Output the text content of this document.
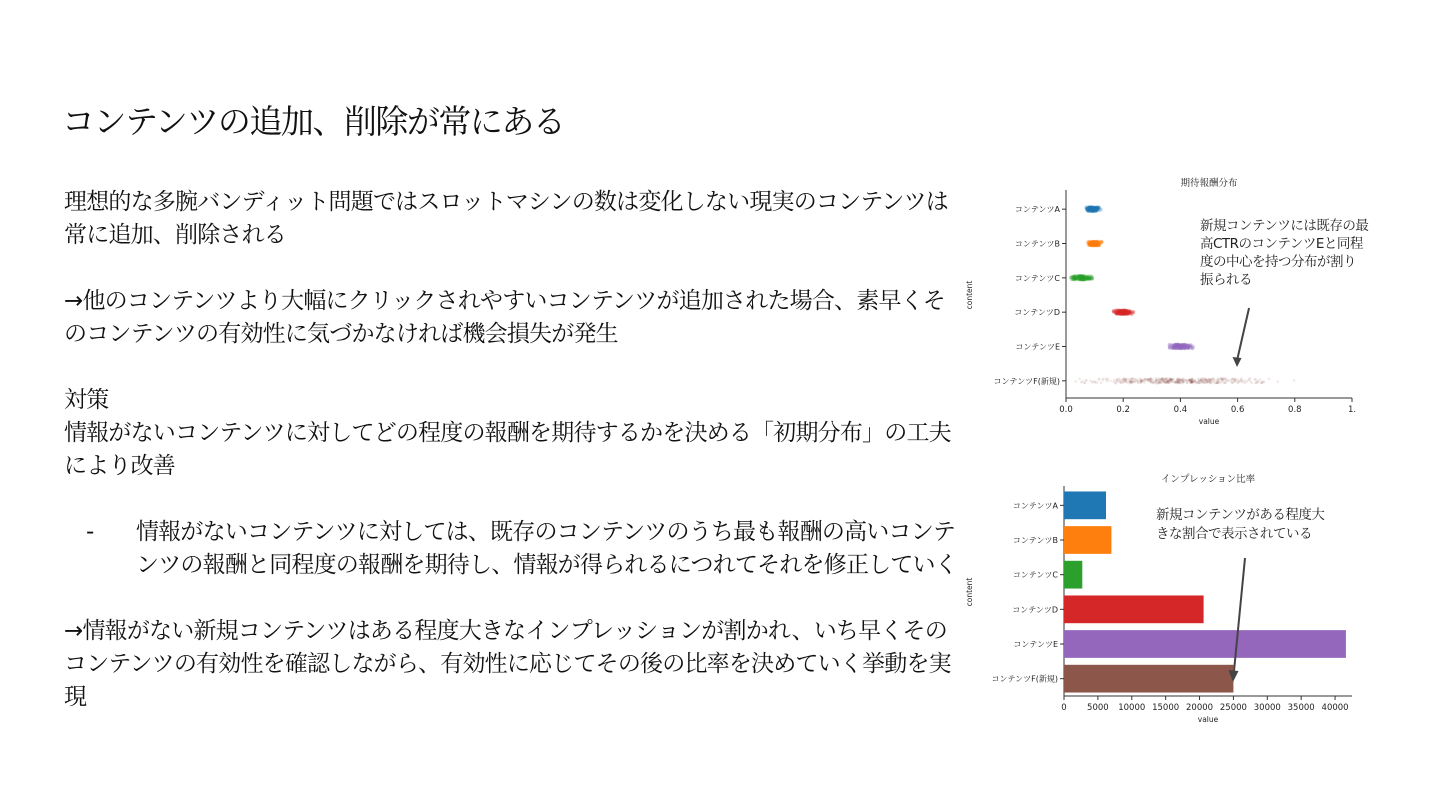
コンテンツの追加、削除が常にある

理想的な多腕バンディット問題ではスロットマシンの数は変化しない現実のコンテンツは常に追加、削除される

→他のコンテンツより大幅にクリックされやすいコンテンツが追加された場合、素早くそのコンテンツの有効性に気づかなければ機会損失が発生

対策

情報がないコンテンツに対してどの程度の報酬を期待するかを決める「初期分布」の工夫により改善

- 情報がないコンテンツに対しては、既存のコンテンツのうち最も報酬の高いコンテンツの報酬と同程度の報酬を期待し、情報が得られるにつれてそれを修正していく

→情報がない新規コンテンツはある程度大きなインプレッションが割かれ、いち早くそのコンテンツの有効性を確認しながら、有効性に応じてその後の比率を決めていく挙動を実現

期待報酬分布
コンテンツA
コンテンツB
コンテンツC
コンテンツD
コンテンツE
コンテンツF(新規)
0.0	0.2	0.4	0.6	0.8	1.
value
content
新規コンテンツには既存の最
高CTRのコンテンツEと同程
度の中心を持つ分布が割り
振られる
インプレッション比率
コンテンツA
コンテンツB
コンテンツC
コンテンツD
コンテンツE
コンテンツF(新規)
0 5000 10000 15000 20000 25000 30000 35000 40000
value
content
新規コンテンツがある程度大
きな割合で表示されている
